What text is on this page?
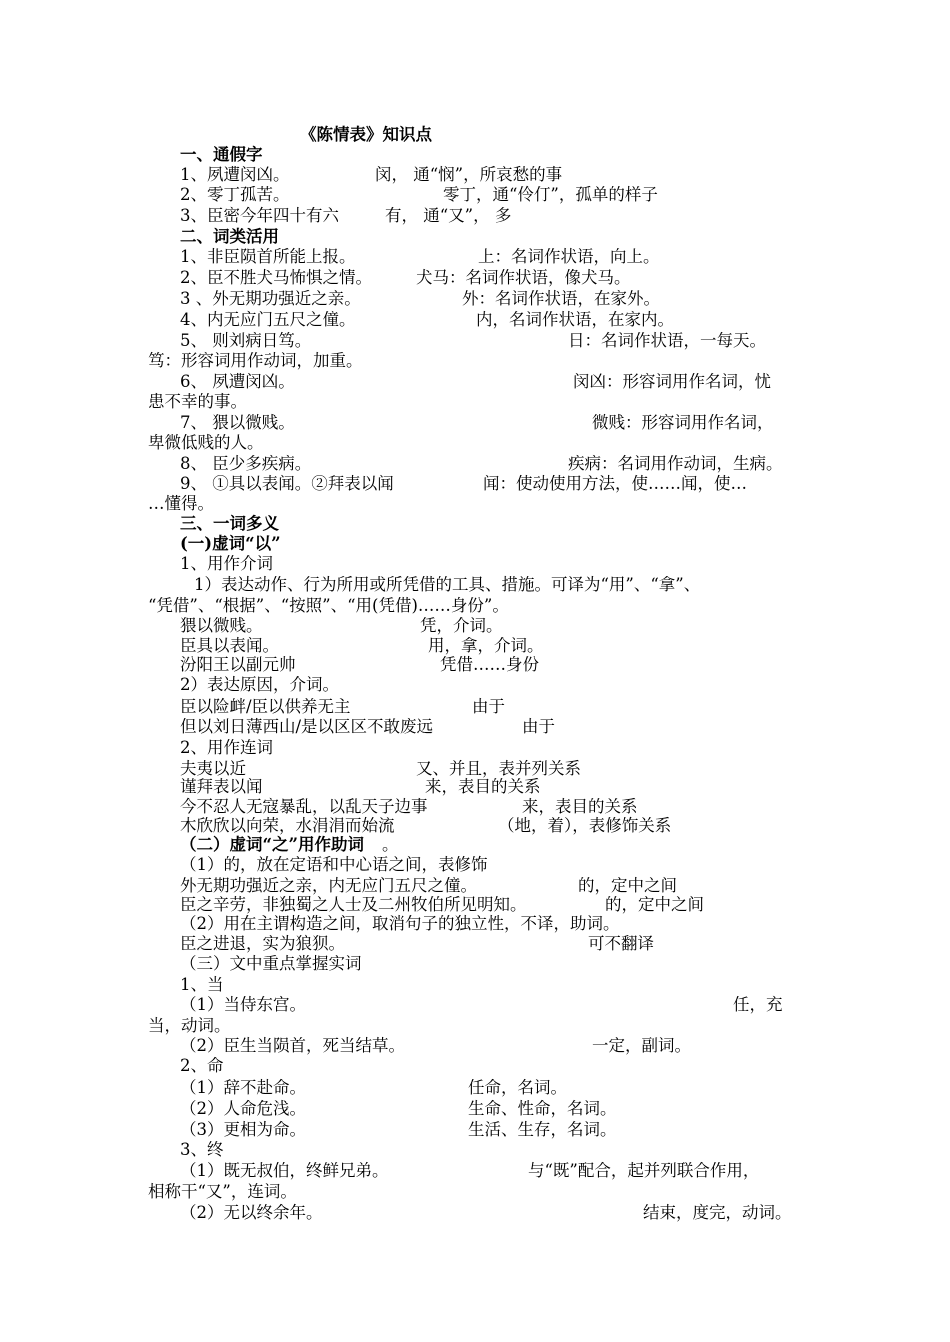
《陈情表》知识点
一、通假字
1、夙遭闵凶。	闵， 通“悯”，所哀愁的事
2、零丁孤苦。	零丁，通“伶仃”，孤单的样子
3、臣密今年四十有六	有， 通“又”， 多
二、词类活用
1、非臣陨首所能上报。	上：名词作状语，向上。
2、臣不胜犬马怖惧之情。	犬马：名词作状语，像犬马。
3 、外无期功强近之亲。	外：名词作状语，在家外。
4、内无应门五尺之僮。	内，名词作状语，在家内。
5、 则刘病日笃。	日：名词作状语，一每天。
笃：形容词用作动词，加重。
6、 夙遭闵凶。	闵凶：形容词用作名词，忧
患不幸的事。
7、 猥以微贱。	微贱：形容词用作名词，
卑微低贱的人。
8、 臣少多疾病。	疾病：名词用作动词，生病。
9、 ①具以表闻。②拜表以闻	闻：使动使用方法，使……闻，使…
…懂得。
三、一词多义
(一)虚词“以”
1、用作介词
1）表达动作、行为所用或所凭借的工具、措施。可译为“用”、“拿”、
“凭借”、“根据”、“按照”、“用(凭借)……身份”。
猥以微贱。	凭，介词。
臣具以表闻。	用，拿，介词。
汾阳王以副元帅	凭借……身份
2）表达原因，介词。
臣以险衅/臣以供养无主	由于
但以刘日薄西山/是以区区不敢废远	由于
2、用作连词
夫夷以近	又、并且，表并列关系
谨拜表以闻	来，表目的关系
今不忍人无寇暴乱，以乱天子边事	来，表目的关系
木欣欣以向荣，水涓涓而始流	（地，着），表修饰关系
（二）虚词“之”用作助词 。
（1）的，放在定语和中心语之间，表修饰
外无期功强近之亲，内无应门五尺之僮。	的，定中之间
臣之辛劳，非独蜀之人士及二州牧伯所见明知。	的，定中之间
（2）用在主谓构造之间，取消句子的独立性，不译，助词。
臣之进退，实为狼狈。	可不翻译
（三）文中重点掌握实词
1、当
（1）当侍东宫。	任，充
当，动词。
（2）臣生当陨首，死当结草。	一定，副词。
2、命
（1）辞不赴命。	任命，名词。
（2）人命危浅。	生命、性命，名词。
（3）更相为命。	生活、生存，名词。
3、终
（1）既无叔伯，终鲜兄弟。	与“既”配合，起并列联合作用，
相称干“又”，连词。
（2）无以终余年。	结束，度完，动词。
